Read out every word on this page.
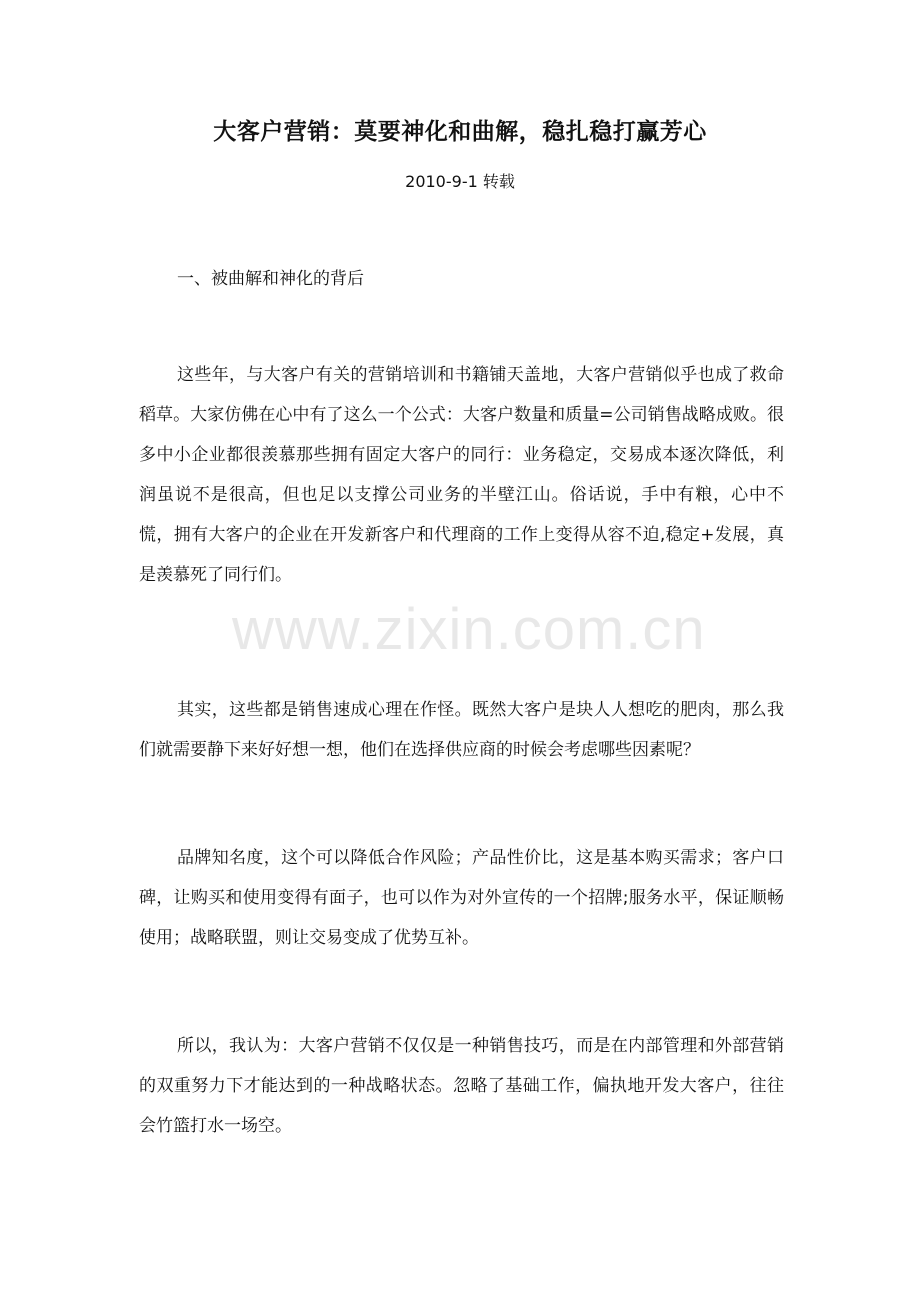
大客户营销：莫要神化和曲解，稳扎稳打赢芳心
2010-9-1 转载
一、被曲解和神化的背后

这些年，与大客户有关的营销培训和书籍铺天盖地，大客户营销似乎也成了救命稻草。大家仿佛在心中有了这么一个公式：大客户数量和质量=公司销售战略成败。很多中小企业都很羡慕那些拥有固定大客户的同行：业务稳定，交易成本逐次降低，利润虽说不是很高，但也足以支撑公司业务的半壁江山。俗话说，手中有粮，心中不慌，拥有大客户的企业在开发新客户和代理商的工作上变得从容不迫,稳定+发展，真是羡慕死了同行们。

其实，这些都是销售速成心理在作怪。既然大客户是块人人想吃的肥肉，那么我们就需要静下来好好想一想，他们在选择供应商的时候会考虑哪些因素呢？

品牌知名度，这个可以降低合作风险；产品性价比，这是基本购买需求；客户口碑，让购买和使用变得有面子，也可以作为对外宣传的一个招牌;服务水平，保证顺畅使用；战略联盟，则让交易变成了优势互补。

所以，我认为：大客户营销不仅仅是一种销售技巧，而是在内部管理和外部营销的双重努力下才能达到的一种战略状态。忽略了基础工作，偏执地开发大客户，往往会竹篮打水一场空。

www.zixin.com.cn
